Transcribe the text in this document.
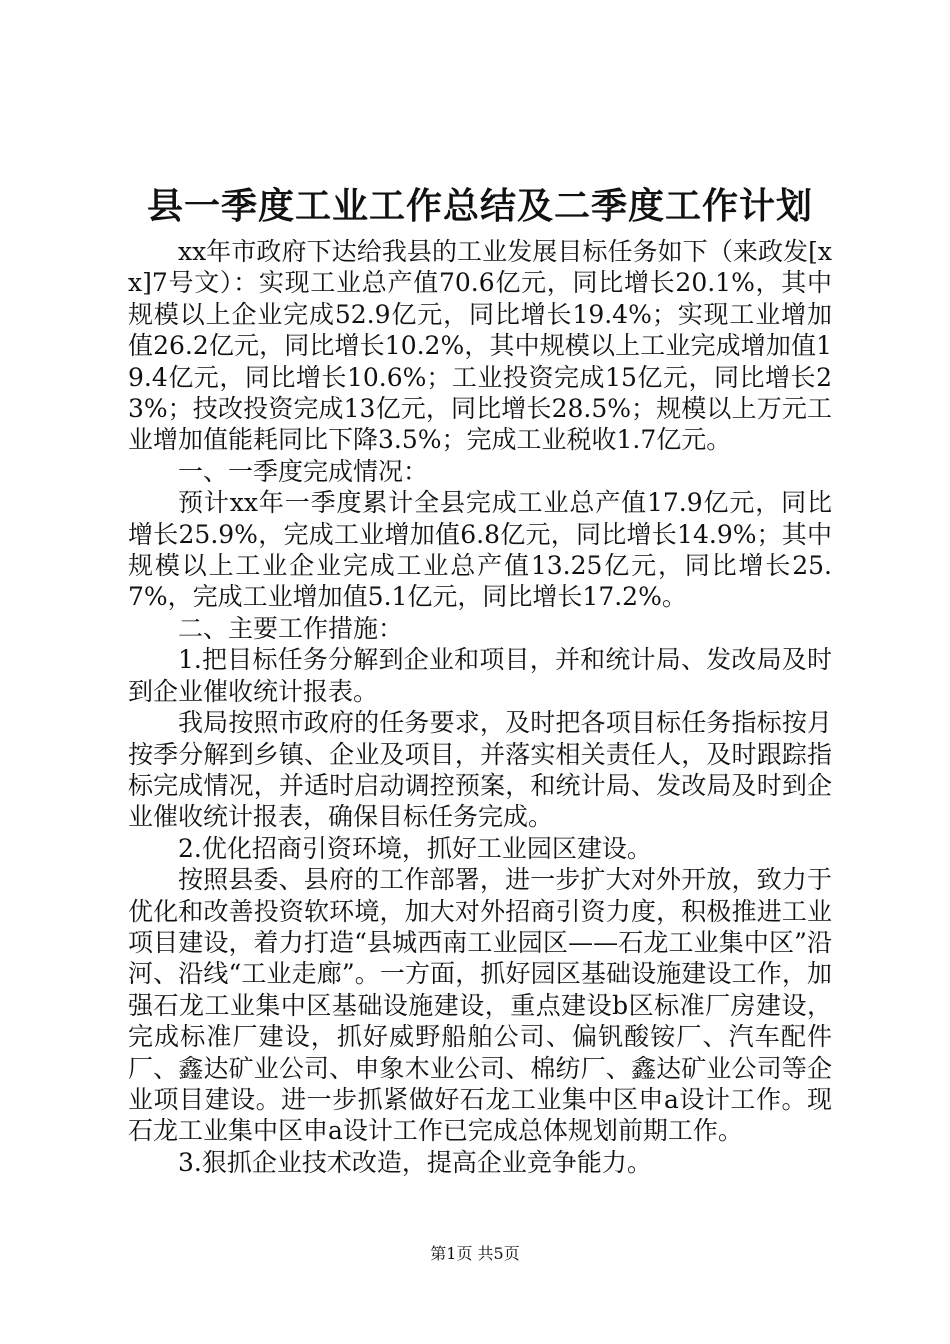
县一季度工业工作总结及二季度工作计划

xx年市政府下达给我县的工业发展目标任务如下（来政发[xx]7号文）：实现工业总产值70.6亿元，同比增长20.1%，其中规模以上企业完成52.9亿元，同比增长19.4%；实现工业增加值26.2亿元，同比增长10.2%，其中规模以上工业完成增加值19.4亿元，同比增长10.6%；工业投资完成15亿元，同比增长23%；技改投资完成13亿元，同比增长28.5%；规模以上万元工业增加值能耗同比下降3.5%；完成工业税收1.7亿元。

一、一季度完成情况：

预计xx年一季度累计全县完成工业总产值17.9亿元，同比增长25.9%，完成工业增加值6.8亿元，同比增长14.9%；其中规模以上工业企业完成工业总产值13.25亿元，同比增长25.7%，完成工业增加值5.1亿元，同比增长17.2%。

二、主要工作措施：

1.把目标任务分解到企业和项目，并和统计局、发改局及时到企业催收统计报表。

我局按照市政府的任务要求，及时把各项目标任务指标按月按季分解到乡镇、企业及项目，并落实相关责任人，及时跟踪指标完成情况，并适时启动调控预案，和统计局、发改局及时到企业催收统计报表，确保目标任务完成。

2.优化招商引资环境，抓好工业园区建设。

按照县委、县府的工作部署，进一步扩大对外开放，致力于优化和改善投资软环境，加大对外招商引资力度，积极推进工业项目建设，着力打造“县城西南工业园区——石龙工业集中区”沿河、沿线“工业走廊”。一方面，抓好园区基础设施建设工作，加强石龙工业集中区基础设施建设，重点建设b区标准厂房建设，完成标准厂建设，抓好威野船舶公司、偏钒酸铵厂、汽车配件厂、鑫达矿业公司、申象木业公司、棉纺厂、鑫达矿业公司等企业项目建设。进一步抓紧做好石龙工业集中区申a设计工作。现石龙工业集中区申a设计工作已完成总体规划前期工作。

3.狠抓企业技术改造，提高企业竞争能力。

第1页 共5页
